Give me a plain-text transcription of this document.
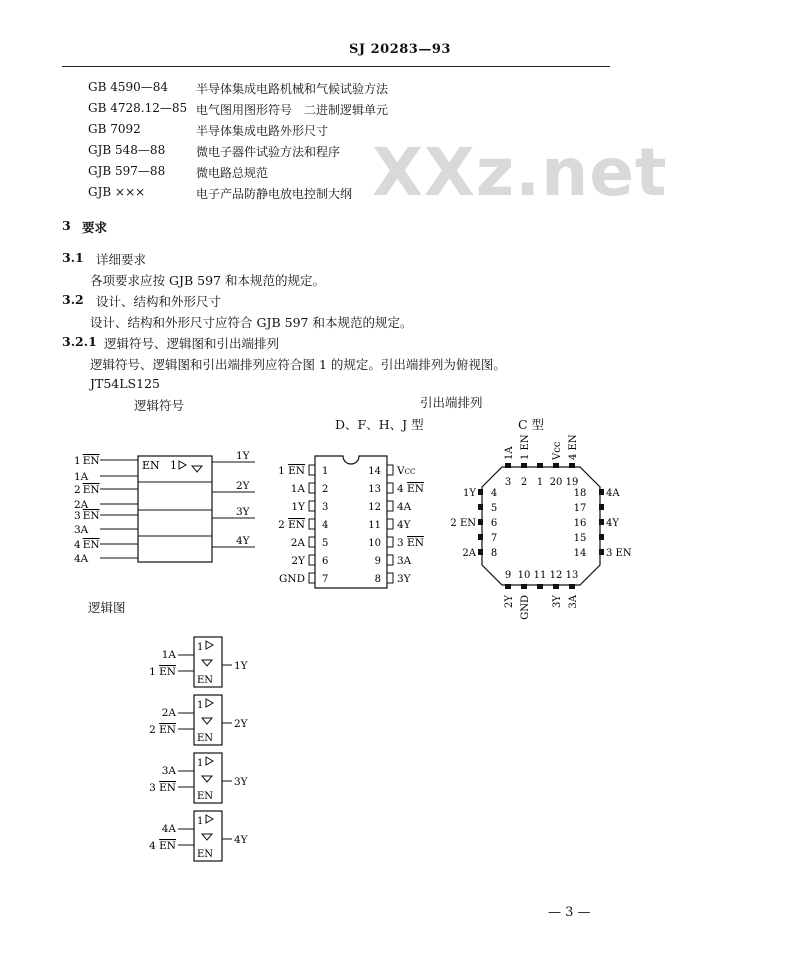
SJ 20283—93
GB 4590—84 半导体集成电路机械和气候试验方法
GB 4728.12—85 电气图用图形符号　二进制逻辑单元
GB 7092	半导体集成电路外形尺寸
GJB 548—88	微电子器件试验方法和程序
GJB 597—88	微电路总规范
GJB ×××	电子产品防静电放电控制大纲 XXz.net
3 要求
3.1 详细要求
各项要求应按 GJB 597 和本规范的规定。
3.2 设计、结构和外形尺寸
设计、结构和外形尺寸应符合 GJB 597 和本规范的规定。
3.2.1 逻辑符号、逻辑图和引出端排列
逻辑符号、逻辑图和引出端排列应符合图 1 的规定。引出端排列为俯视图。
JT54LS125
逻辑符号	引出端排列
D、F、H、J 型	C 型
逻辑图
EN 1
1 EN
1A
2 EN
2A
3 EN
3A
4 EN
4A
1Y
2Y
3Y
4Y
1 EN 1
1A 2
1Y 3
2 EN 4
2A 5
2Y 6
GND 7
VCC
14
4 EN
13
4A
12
4Y
11
3 EN
10
3A
9
3Y
8
3
1A
2
1 EN
1 20
Vcc
19
4 EN
4
1Y
5
6
2 EN
7
8
2A
18 4A
17
16 4Y
15
14 3 EN
9
2Y
10
GND
11 12
3Y
13
3A
1
EN
1A
1 EN	1Y
1
EN
2A
2 EN	2Y
1
EN
3A
3 EN	3Y
1
EN
4A
4 EN	4Y
— 3 —
